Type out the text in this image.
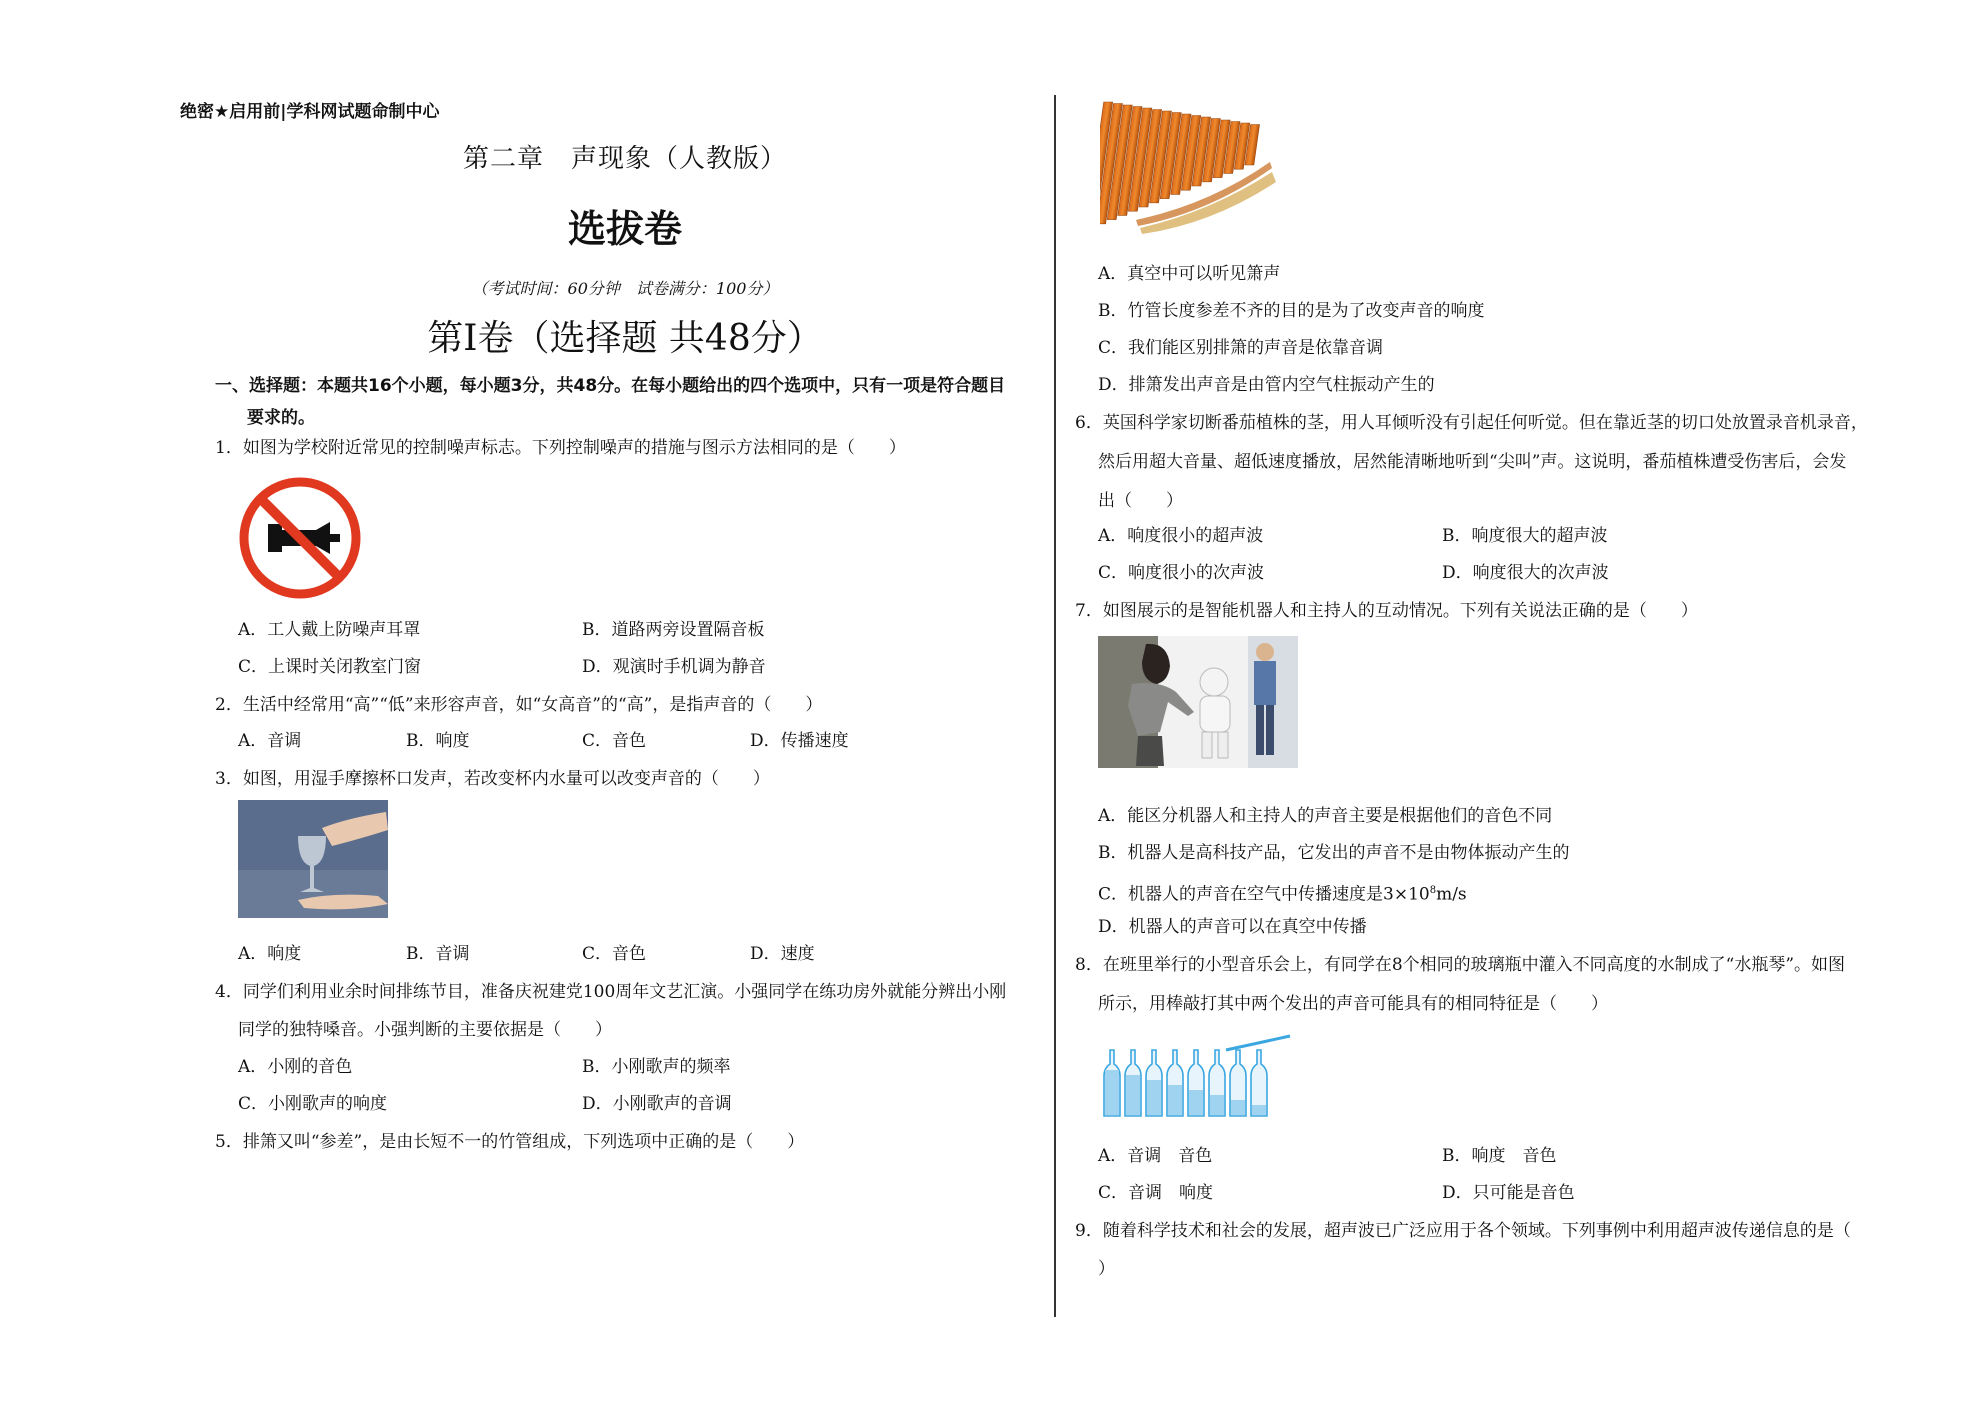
绝密★启用前|学科网试题命制中心
第二章　声现象（人教版）
选拔卷
（考试时间：60分钟　试卷满分：100分）
第Ⅰ卷（选择题 共48分）
一、选择题：本题共16个小题，每小题3分，共48分。在每小题给出的四个选项中，只有一项是符合题目
要求的。
1．如图为学校附近常见的控制噪声标志。下列控制噪声的措施与图示方法相同的是（　　）
A．工人戴上防噪声耳罩	B．道路两旁设置隔音板
C．上课时关闭教室门窗	D．观演时手机调为静音
2．生活中经常用“高”“低”来形容声音，如“女高音”的“高”，是指声音的（　　）
A．音调	B．响度	C．音色	D．传播速度
3．如图，用湿手摩擦杯口发声，若改变杯内水量可以改变声音的（　　）
A．响度	B．音调	C．音色	D．速度
4．同学们利用业余时间排练节目，准备庆祝建党100周年文艺汇演。小强同学在练功房外就能分辨出小刚
同学的独特嗓音。小强判断的主要依据是（　　）
A．小刚的音色	B．小刚歌声的频率
C．小刚歌声的响度	D．小刚歌声的音调
5．排箫又叫“参差”，是由长短不一的竹管组成，下列选项中正确的是（　　）
A．真空中可以听见箫声
B．竹管长度参差不齐的目的是为了改变声音的响度
C．我们能区别排箫的声音是依靠音调
D．排箫发出声音是由管内空气柱振动产生的
6．英国科学家切断番茄植株的茎，用人耳倾听没有引起任何听觉。但在靠近茎的切口处放置录音机录音，
然后用超大音量、超低速度播放，居然能清晰地听到“尖叫”声。这说明，番茄植株遭受伤害后，会发
出（　　）
A．响度很小的超声波	B．响度很大的超声波
C．响度很小的次声波	D．响度很大的次声波
7．如图展示的是智能机器人和主持人的互动情况。下列有关说法正确的是（　　）
A．能区分机器人和主持人的声音主要是根据他们的音色不同
B．机器人是高科技产品，它发出的声音不是由物体振动产生的
C．机器人的声音在空气中传播速度是$3\times 10^8m/s$
D．机器人的声音可以在真空中传播
8．在班里举行的小型音乐会上，有同学在8个相同的玻璃瓶中灌入不同高度的水制成了“水瓶琴”。如图
所示，用棒敲打其中两个发出的声音可能具有的相同特征是（　　）
A．音调　音色	B．响度　音色
C．音调　响度	D．只可能是音色
9．随着科学技术和社会的发展，超声波已广泛应用于各个领域。下列事例中利用超声波传递信息的是（
）
